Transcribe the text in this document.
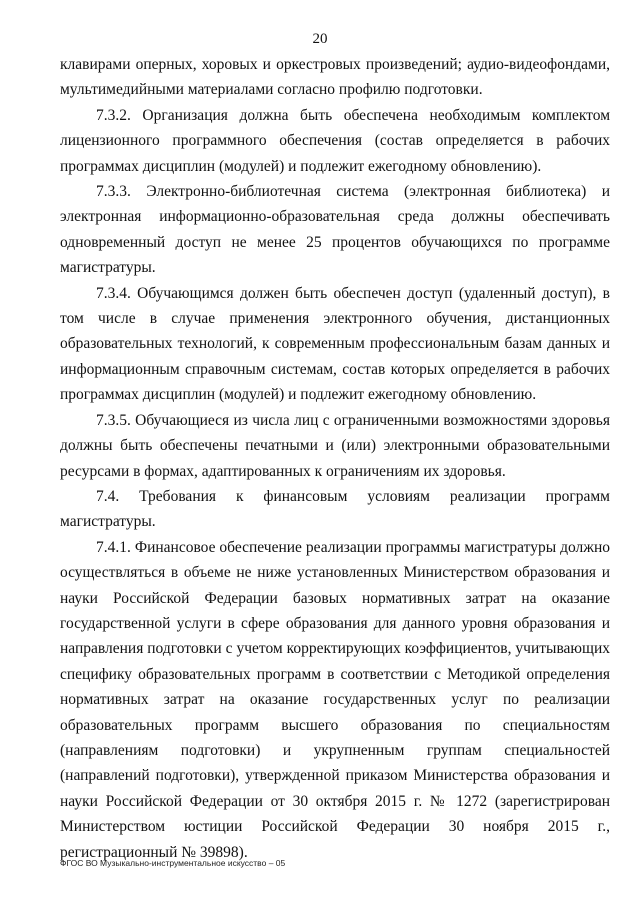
20

клавирами оперных, хоровых и оркестровых произведений; аудио-видеофондами, мультимедийными материалами согласно профилю подготовки.

7.3.2. Организация должна быть обеспечена необходимым комплектом лицензионного программного обеспечения (состав определяется в рабочих программах дисциплин (модулей) и подлежит ежегодному обновлению).

7.3.3. Электронно-библиотечная система (электронная библиотека) и электронная информационно-образовательная среда должны обеспечивать одновременный доступ не менее 25 процентов обучающихся по программе магистратуры.

7.3.4. Обучающимся должен быть обеспечен доступ (удаленный доступ), в том числе в случае применения электронного обучения, дистанционных образовательных технологий, к современным профессиональным базам данных и информационным справочным системам, состав которых определяется в рабочих программах дисциплин (модулей) и подлежит ежегодному обновлению.

7.3.5. Обучающиеся из числа лиц с ограниченными возможностями здоровья должны быть обеспечены печатными и (или) электронными образовательными ресурсами в формах, адаптированных к ограничениям их здоровья.

7.4. Требования к финансовым условиям реализации программ магистратуры.

7.4.1. Финансовое обеспечение реализации программы магистратуры должно осуществляться в объеме не ниже установленных Министерством образования и науки Российской Федерации базовых нормативных затрат на оказание государственной услуги в сфере образования для данного уровня образования и направления подготовки с учетом корректирующих коэффициентов, учитывающих специфику образовательных программ в соответствии с Методикой определения нормативных затрат на оказание государственных услуг по реализации образовательных программ высшего образования по специальностям (направлениям подготовки) и укрупненным группам специальностей (направлений подготовки), утвержденной приказом Министерства образования и науки Российской Федерации от 30 октября 2015 г. № 1272 (зарегистрирован Министерством юстиции Российской Федерации 30 ноября 2015 г., регистрационный № 39898).

ФГОС ВО Музыкально-инструментальное искусство – 05
